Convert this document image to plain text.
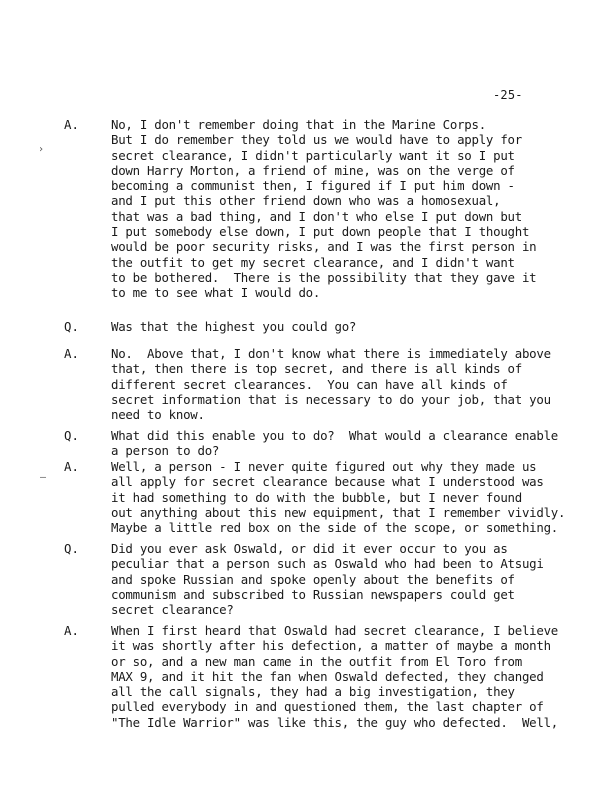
-25-
›
—
A.	No, I don't remember doing that in the Marine Corps.
But I do remember they told us we would have to apply for
secret clearance, I didn't particularly want it so I put
down Harry Morton, a friend of mine, was on the verge of
becoming a communist then, I figured if I put him down -
and I put this other friend down who was a homosexual,
that was a bad thing, and I don't who else I put down but
I put somebody else down, I put down people that I thought
would be poor security risks, and I was the first person in
the outfit to get my secret clearance, and I didn't want
to be bothered.  There is the possibility that they gave it
to me to see what I would do.
Q.	Was that the highest you could go?
A.	No.  Above that, I don't know what there is immediately above
that, then there is top secret, and there is all kinds of
different secret clearances.  You can have all kinds of
secret information that is necessary to do your job, that you
need to know.
Q.	What did this enable you to do?  What would a clearance enable
a person to do?
A.	Well, a person - I never quite figured out why they made us
all apply for secret clearance because what I understood was
it had something to do with the bubble, but I never found
out anything about this new equipment, that I remember vividly.
Maybe a little red box on the side of the scope, or something.
Q.	Did you ever ask Oswald, or did it ever occur to you as
peculiar that a person such as Oswald who had been to Atsugi
and spoke Russian and spoke openly about the benefits of
communism and subscribed to Russian newspapers could get
secret clearance?
A.	When I first heard that Oswald had secret clearance, I believe
it was shortly after his defection, a matter of maybe a month
or so, and a new man came in the outfit from El Toro from
MAX 9, and it hit the fan when Oswald defected, they changed
all the call signals, they had a big investigation, they
pulled everybody in and questioned them, the last chapter of
"The Idle Warrior" was like this, the guy who defected.  Well,
